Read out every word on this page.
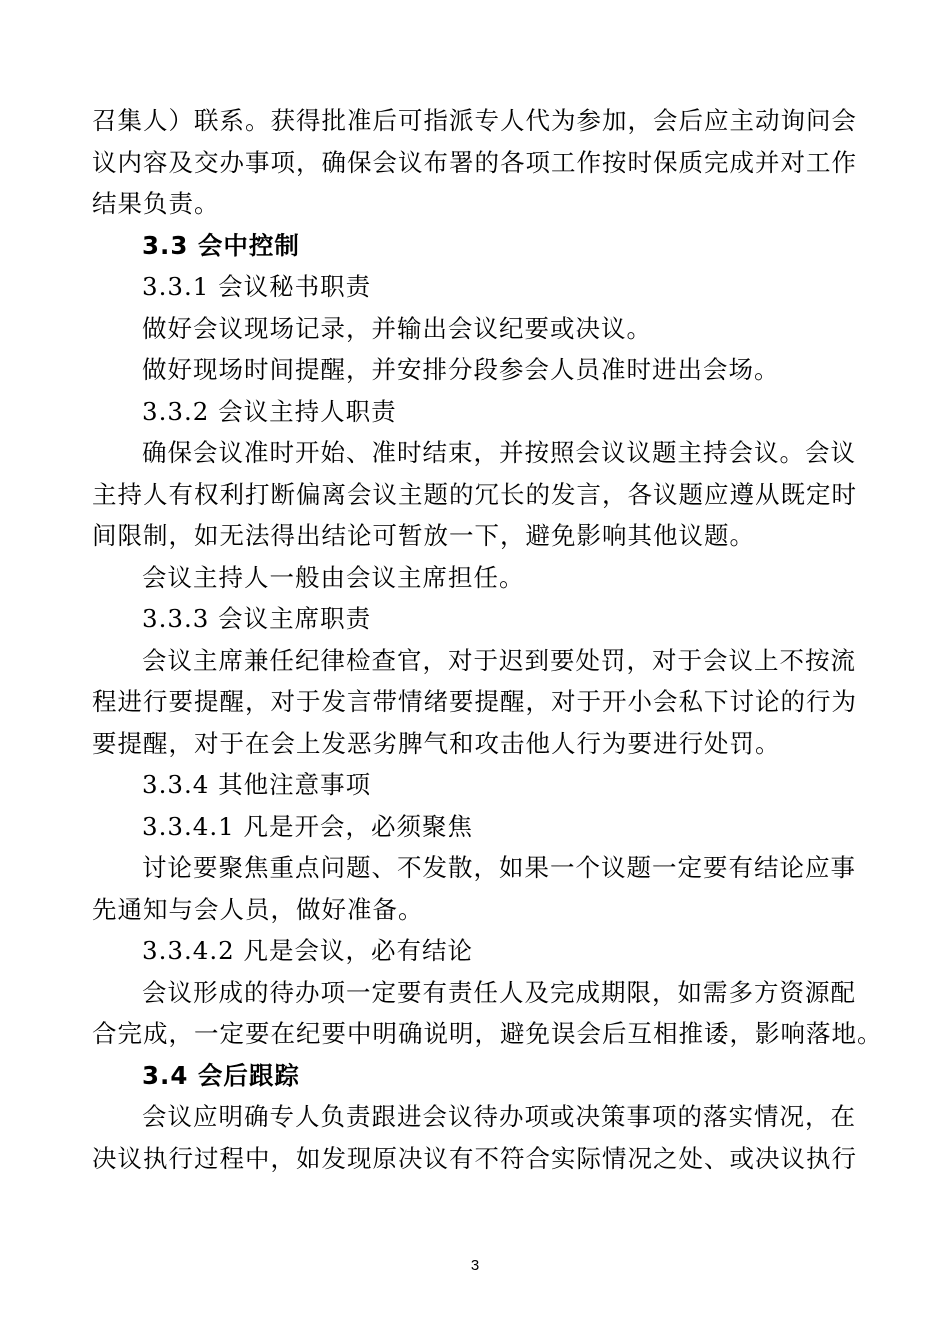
召集人）联系。获得批准后可指派专人代为参加，会后应主动询问会
议内容及交办事项，确保会议布署的各项工作按时保质完成并对工作
结果负责。
3.3 会中控制
3.3.1 会议秘书职责
做好会议现场记录，并输出会议纪要或决议。
做好现场时间提醒，并安排分段参会人员准时进出会场。
3.3.2 会议主持人职责
确保会议准时开始、准时结束，并按照会议议题主持会议。会议
主持人有权利打断偏离会议主题的冗长的发言，各议题应遵从既定时
间限制，如无法得出结论可暂放一下，避免影响其他议题。
会议主持人一般由会议主席担任。
3.3.3 会议主席职责
会议主席兼任纪律检查官，对于迟到要处罚，对于会议上不按流
程进行要提醒，对于发言带情绪要提醒，对于开小会私下讨论的行为
要提醒，对于在会上发恶劣脾气和攻击他人行为要进行处罚。
3.3.4 其他注意事项
3.3.4.1 凡是开会，必须聚焦
讨论要聚焦重点问题、不发散，如果一个议题一定要有结论应事
先通知与会人员，做好准备。
3.3.4.2 凡是会议，必有结论
会议形成的待办项一定要有责任人及完成期限，如需多方资源配
合完成，一定要在纪要中明确说明，避免误会后互相推诿，影响落地。
3.4 会后跟踪
会议应明确专人负责跟进会议待办项或决策事项的落实情况，在
决议执行过程中，如发现原决议有不符合实际情况之处、或决议执行
3
